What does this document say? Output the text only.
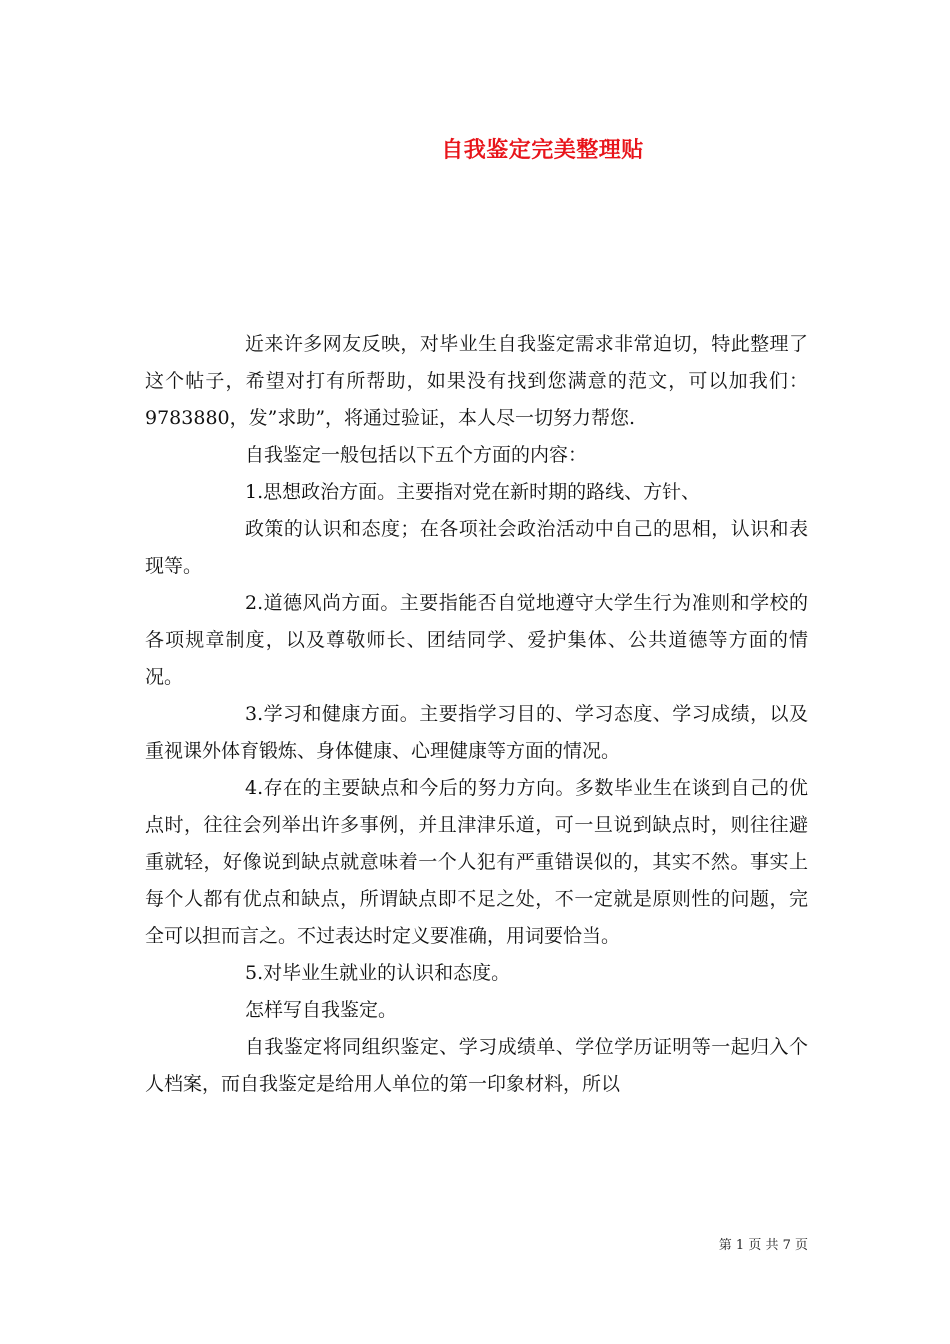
自我鉴定完美整理贴

近来许多网友反映，对毕业生自我鉴定需求非常迫切，特此整理了这个帖子，希望对打有所帮助，如果没有找到您满意的范文，可以加我们：9783880，发”求助”，将通过验证，本人尽一切努力帮您.

自我鉴定一般包括以下五个方面的内容：

1.思想政治方面。主要指对党在新时期的路线、方针、

政策的认识和态度；在各项社会政治活动中自己的思相，认识和表现等。

2.道德风尚方面。主要指能否自觉地遵守大学生行为准则和学校的各项规章制度，以及尊敬师长、团结同学、爱护集体、公共道德等方面的情况。

3.学习和健康方面。主要指学习目的、学习态度、学习成绩，以及重视课外体育锻炼、身体健康、心理健康等方面的情况。

4.存在的主要缺点和今后的努力方向。多数毕业生在谈到自己的优点时，往往会列举出许多事例，并且津津乐道，可一旦说到缺点时，则往往避重就轻，好像说到缺点就意味着一个人犯有严重错误似的，其实不然。事实上每个人都有优点和缺点，所谓缺点即不足之处，不一定就是原则性的问题，完全可以担而言之。不过表达时定义要准确，用词要恰当。

5.对毕业生就业的认识和态度。

怎样写自我鉴定。

自我鉴定将同组织鉴定、学习成绩单、学位学历证明等一起归入个人档案，而自我鉴定是给用人单位的第一印象材料，所以

第 1 页 共 7 页
